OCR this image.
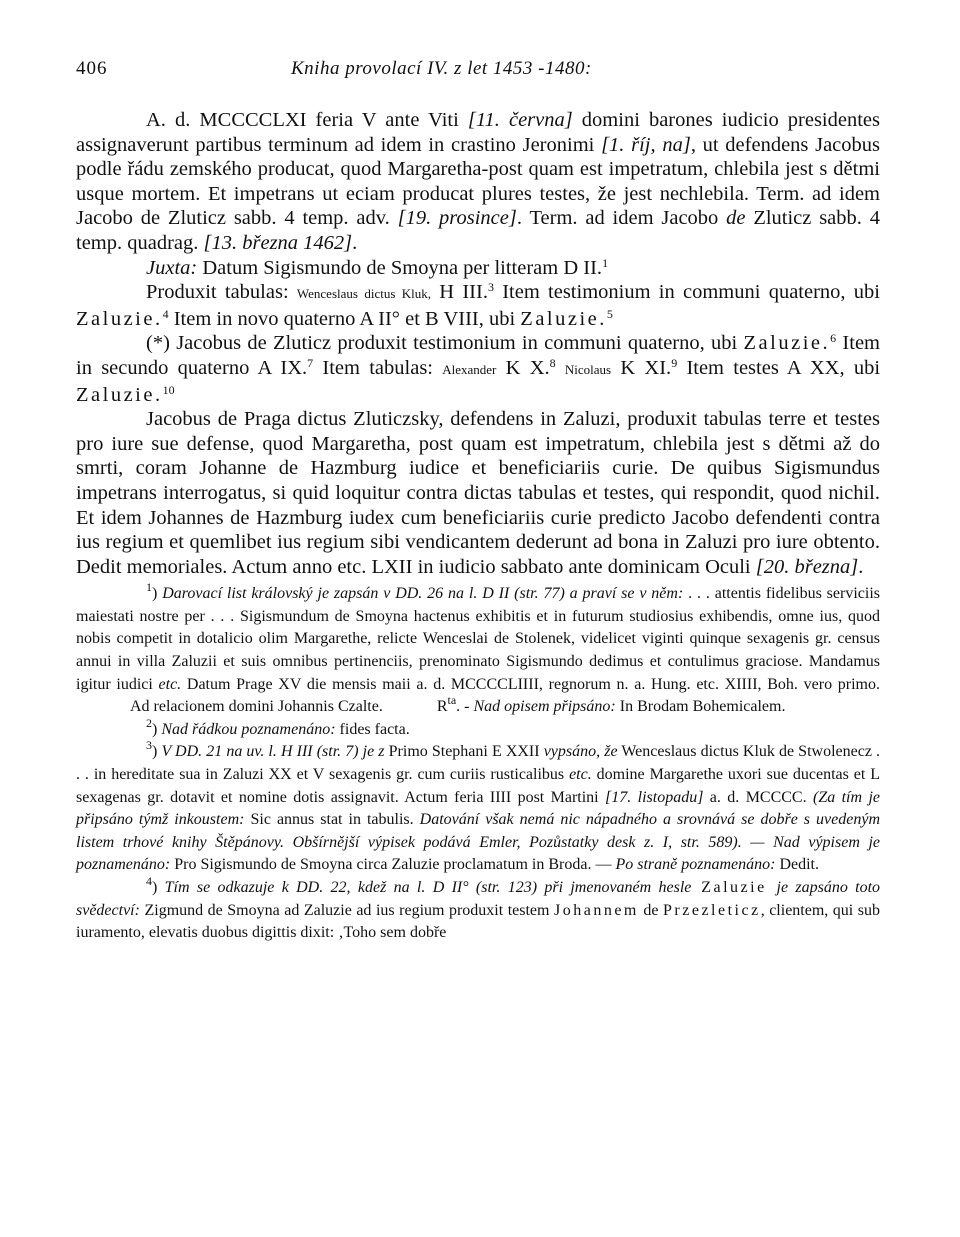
406	Kniha provolací IV. z let 1453 -1480:

A. d. MCCCCLXI feria V ante Viti [11. června] domini barones iudicio presidentes assignaverunt partibus terminum ad idem in crastino Jeronimi [1. říj, na], ut defendens Jacobus podle řádu zemského producat, quod Margaretha-post quam est impetratum, chlebila jest s dětmi usque mortem. Et impetrans ut eciam producat plures testes, že jest nechlebila. Term. ad idem Jacobo de Zluticz sabb. 4 temp. adv. [19. prosince]. Term. ad idem Jacobo de Zluticz sabb. 4 temp. quadrag. [13. března 1462].

Juxta: Datum Sigismundo de Smoyna per litteram D II.$^1$

Produxit tabulas: Wenceslaus dictus Kluk, H III.$^3$ Item testimonium in communi quaterno, ubi Zaluzie.$^4$ Item in novo quaterno A II° et B VIII, ubi Zaluzie.$^5$

(*) Jacobus de Zluticz produxit testimonium in communi quaterno, ubi Zaluzie.$^6$ Item in secundo quaterno A IX.$^7$ Item tabulas: Alexander K X.$^8$ Nicolaus K XI.$^9$ Item testes A XX, ubi Zaluzie.$^{10}$

Jacobus de Praga dictus Zluticzsky, defendens in Zaluzi, produxit tabulas terre et testes pro iure sue defense, quod Margaretha, post quam est impetratum, chlebila jest s dětmi až do smrti, coram Johanne de Hazmburg iudice et beneficiariis curie. De quibus Sigismundus impetrans interrogatus, si quid loquitur contra dictas tabulas et testes, qui respondit, quod nichil. Et idem Johannes de Hazmburg iudex cum beneficiariis curie predicto Jacobo defendenti contra ius regium et quemlibet ius regium sibi vendicantem dederunt ad bona in Zaluzi pro iure obtento. Dedit memoriales. Actum anno etc. LXII in iudicio sabbato ante dominicam Oculi [20. března].

$^1$) Darovací list královský je zapsán v DD. 26 na l. D II (str. 77) a praví se v něm: . . . attentis fidelibus serviciis maiestati nostre per . . . Sigismundum de Smoyna hactenus exhibitis et in futurum studiosius exhibendis, omne ius, quod nobis competit in dotalicio olim Margarethe, relicte Wenceslai de Stolenek, videlicet viginti quinque sexagenis gr. census annui in villa Zaluzii et suis omnibus pertinenciis, prenominato Sigismundo dedimus et contulimus graciose. Mandamus igitur iudici etc. Datum Prage XV die mensis maii a. d. MCCCCLIIII, regnorum n. a. Hung. etc. XIIII, Boh. vero primo.Ad relacionem domini Johannis Czalte.	$R^{ta}$. - Nad opisem připsáno: In Brodam Bohemicalem.

$^2$) Nad řádkou poznamenáno: fides facta.

$^3$) V DD. 21 na uv. l. H III (str. 7) je z Primo Stephani E XXII vypsáno, že Wenceslaus dictus Kluk de Stwolenecz . . . in hereditate sua in Zaluzi XX et V sexagenis gr. cum curiis rusticalibus etc. domine Margarethe uxori sue ducentas et L sexagenas gr. dotavit et nomine dotis assignavit. Actum feria IIII post Martini [17. listopadu] a. d. MCCCC. (Za tím je připsáno týmž inkoustem: Sic annus stat in tabulis. Datování však nemá nic nápadného a srovnává se dobře s uvedeným listem trhové knihy Štěpánovy. Obšírnější výpisek podává Emler, Pozůstatky desk z. I, str. 589). — Nad výpisem je poznamenáno: Pro Sigismundo de Smoyna circa Zaluzie proclamatum in Broda. — Po straně poznamenáno: Dedit.

$^4$) Tím se odkazuje k DD. 22, kdež na l. D II° (str. 123) při jmenovaném hesle Zaluzie je zapsáno toto svědectví: Zigmund de Smoyna ad Zaluzie ad ius regium produxit testem Johannem de Przezleticz, clientem, qui sub iuramento, elevatis duobus digittis dixit: ‚Toho sem dobře
